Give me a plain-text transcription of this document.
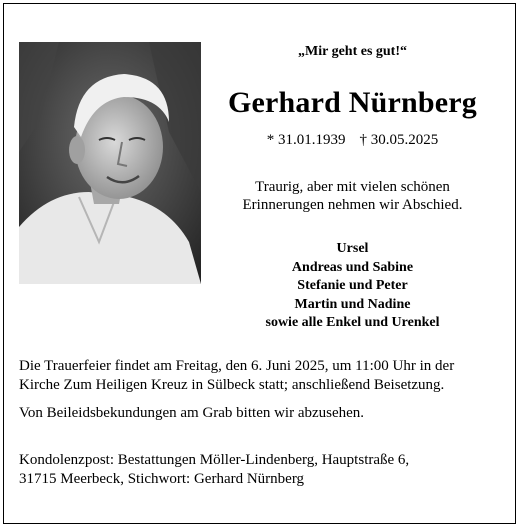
„Mir geht es gut!“
Gerhard Nürnberg
* 31.01.1939 † 30.05.2025
Traurig, aber mit vielen schönen
Erinnerungen nehmen wir Abschied.
Ursel
Andreas und Sabine
Stefanie und Peter
Martin und Nadine
sowie alle Enkel und Urenkel
Die Trauerfeier findet am Freitag, den 6. Juni 2025, um 11:00 Uhr in der
Kirche Zum Heiligen Kreuz in Sülbeck statt; anschließend Beisetzung.
Von Beileidsbekundungen am Grab bitten wir abzusehen.
Kondolenzpost: Bestattungen Möller-Lindenberg, Hauptstraße 6,
31715 Meerbeck, Stichwort: Gerhard Nürnberg
